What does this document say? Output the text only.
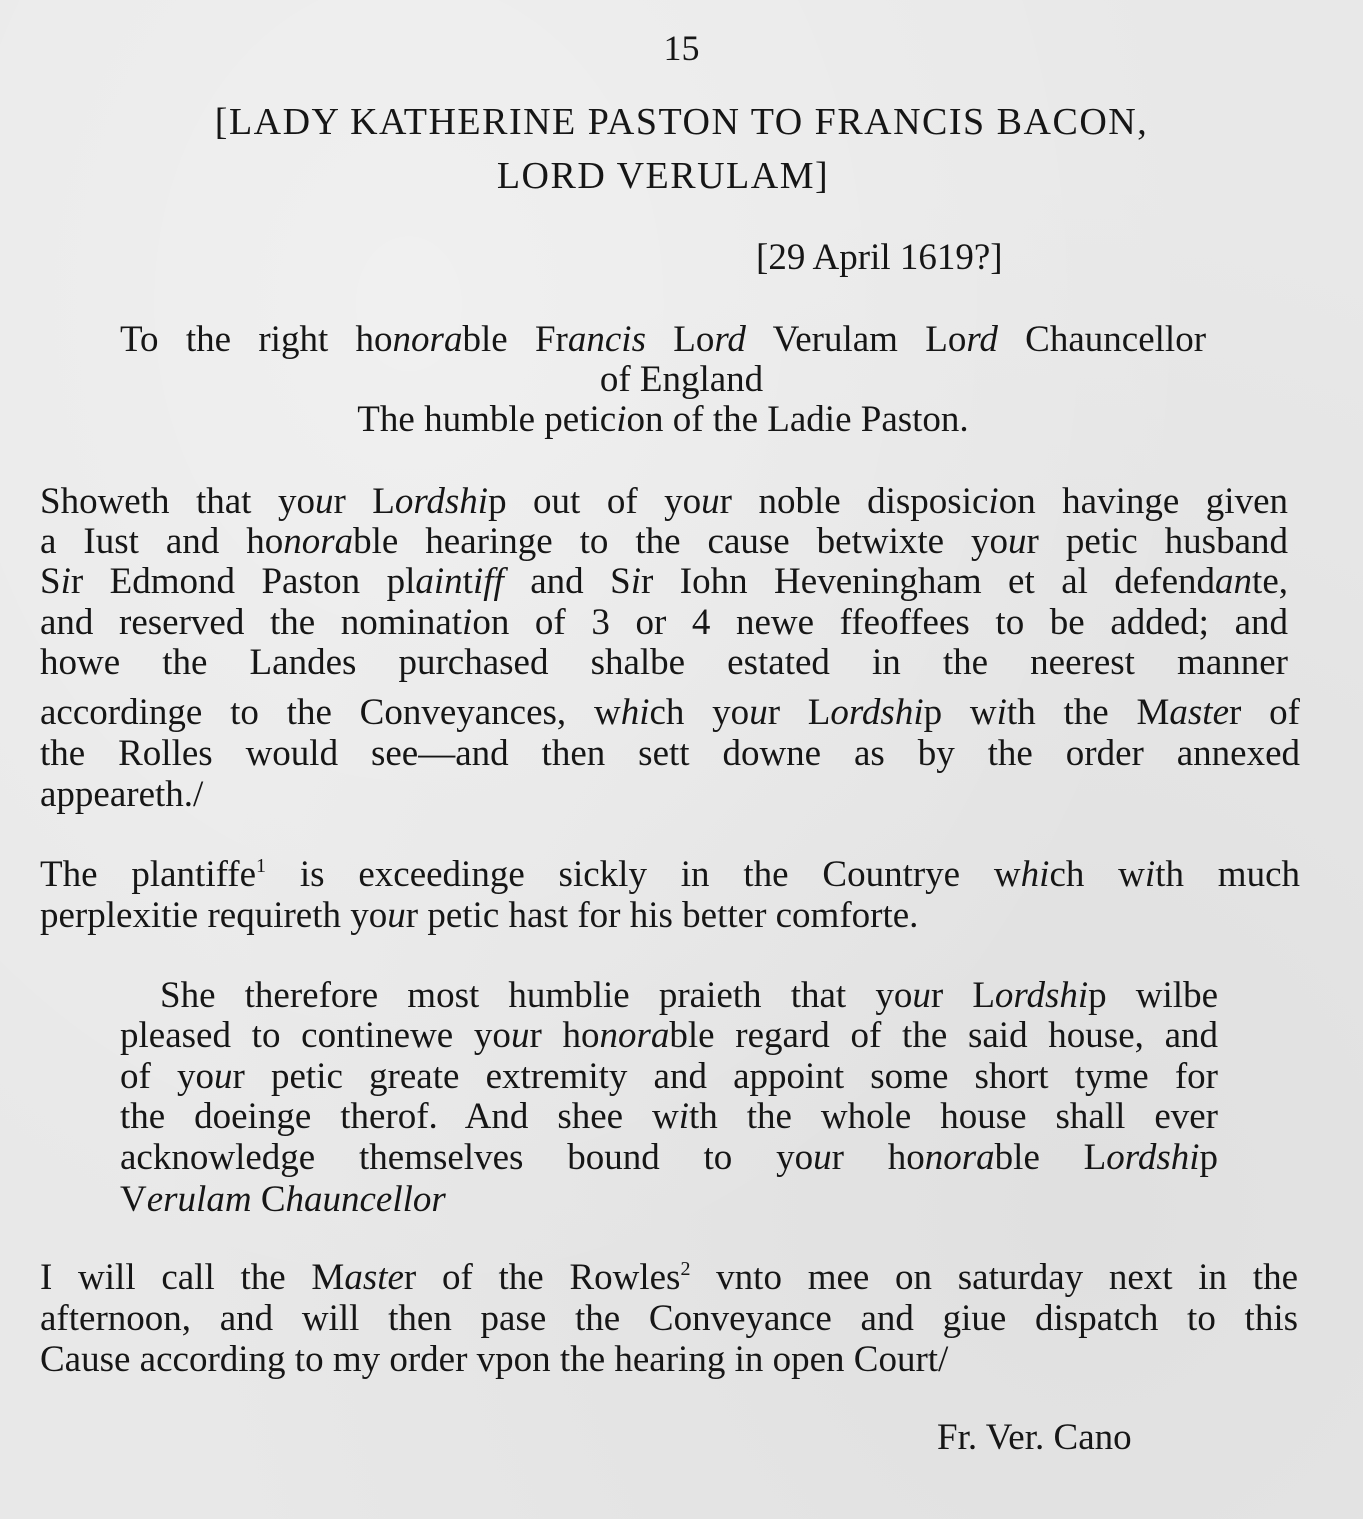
15
[LADY KATHERINE PASTON TO FRANCIS BACON,
LORD VERULAM]
[29 April 1619?]
To the right honorable Francis Lord Verulam Lord Chauncellor
of England
The humble peticion of the Ladie Paston.
Showeth that your Lordship out of your noble disposicion havinge given
a Iust and honorable hearinge to the cause betwixte your petic husband
Sir Edmond Paston plaintiff and Sir Iohn Heveningham et al defendante,
and reserved the nomination of 3 or 4 newe ffeoffees to be added; and
howe the Landes purchased shalbe estated in the neerest manner
accordinge to the Conveyances, which your Lordship with the Master of
the Rolles would see—and then sett downe as by the order annexed
appeareth./
The plantiffe$^1$ is exceedinge sickly in the Countrye which with much
perplexitie requireth your petic hast for his better comforte.
She therefore most humblie praieth that your Lordship wilbe
pleased to continewe your honorable regard of the said house, and
of your petic greate extremity and appoint some short tyme for
the doeinge therof. And shee with the whole house shall ever
acknowledge themselves bound to your honorable Lordship
Verulam Chauncellor
I will call the Master of the Rowles$^2$ vnto mee on saturday next in the
afternoon, and will then pase the Conveyance and giue dispatch to this
Cause according to my order vpon the hearing in open Court/
Fr. Ver. Cano
